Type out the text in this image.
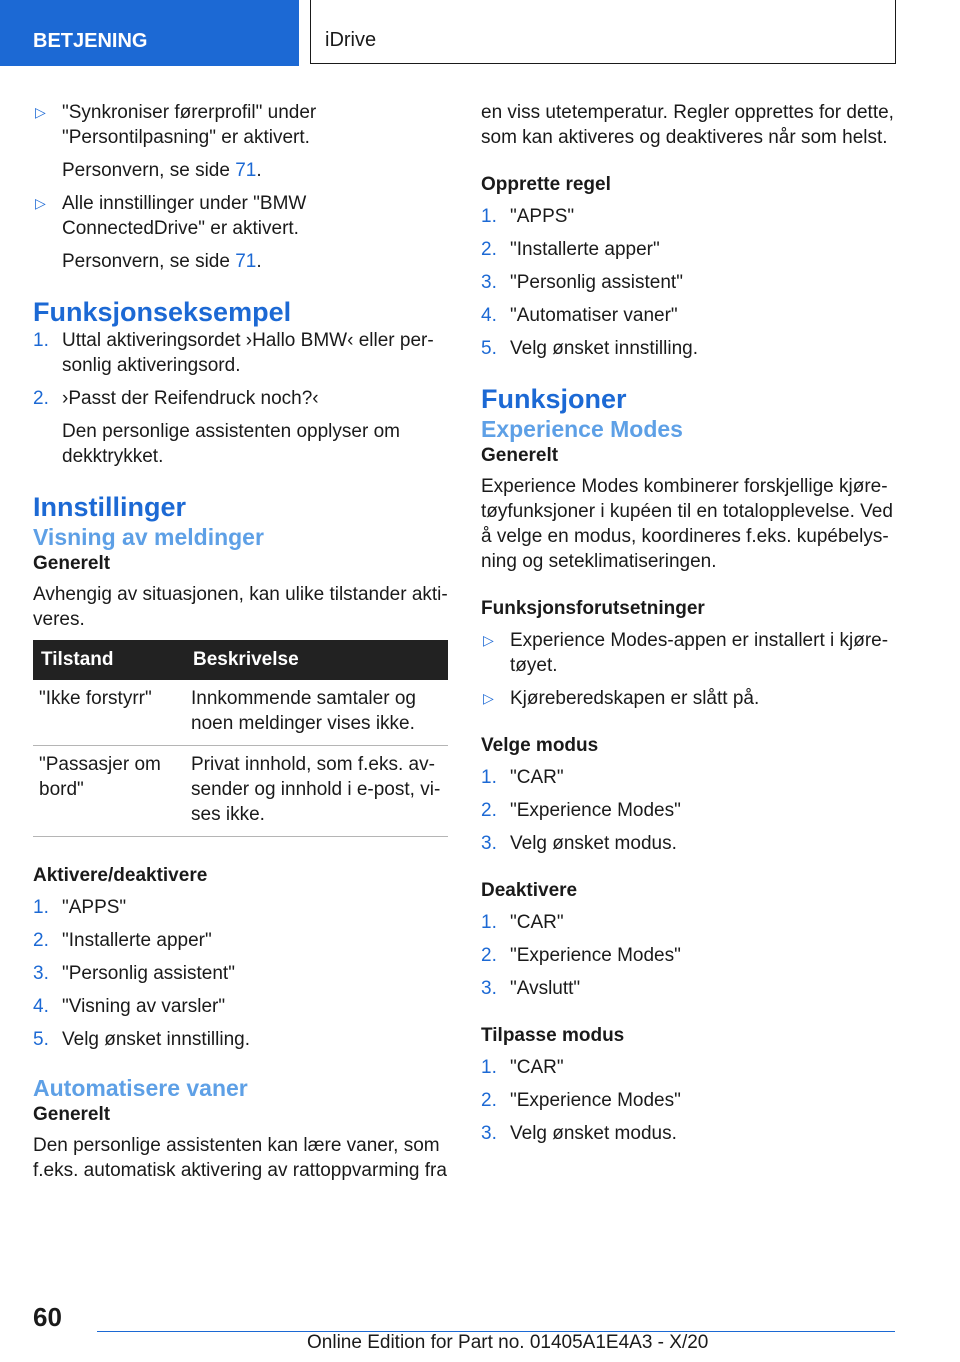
BETJENING	iDrive
▷ "Synkroniser førerprofil" under "Persontilpasning" er aktivert.

Personvern, se side 71.

▷ Alle innstillinger under "BMW ConnectedDrive" er aktivert.

Personvern, se side 71.

Funksjonseksempel
1. Uttal aktiveringsordet ›Hallo BMW‹ eller personlig aktiveringsord.

2. ›Passt der Reifendruck noch?‹

Den personlige assistenten opplyser om dekktrykket.

Innstillinger
Visning av meldinger
Generelt

Avhengig av situasjonen, kan ulike tilstander aktiveres.

Tilstand	Beskrivelse
"Ikke forstyrr"	Innkommende samtaler og noen meldinger vises ikke.
"Passasjer om bord"	Privat innhold, som f.eks. avsender og innhold i e-post, vises ikke.
Aktivere/deaktivere
1. "APPS"

2. "Installerte apper"

3. "Personlig assistent"

4. "Visning av varsler"

5. Velg ønsket innstilling.

Automatisere vaner
Generelt

Den personlige assistenten kan lære vaner, som f.eks. automatisk aktivering av rattoppvarming fra

en viss utetemperatur. Regler opprettes for dette, som kan aktiveres og deaktiveres når som helst.

Opprette regel
1. "APPS"

2. "Installerte apper"

3. "Personlig assistent"

4. "Automatiser vaner"

5. Velg ønsket innstilling.

Funksjoner
Experience Modes
Generelt

Experience Modes kombinerer forskjellige kjøretøyfunksjoner i kupéen til en totalopplevelse. Ved å velge en modus, koordineres f.eks. kupébelysning og seteklimatiseringen.

Funksjonsforutsetninger
▷ Experience Modes-appen er installert i kjøretøyet.

▷ Kjøreberedskapen er slått på.

Velge modus
1. "CAR"

2. "Experience Modes"

3. Velg ønsket modus.

Deaktivere
1. "CAR"

2. "Experience Modes"

3. "Avslutt"

Tilpasse modus
1. "CAR"

2. "Experience Modes"

3. Velg ønsket modus.

60
Online Edition for Part no. 01405A1E4A3 - X/20
